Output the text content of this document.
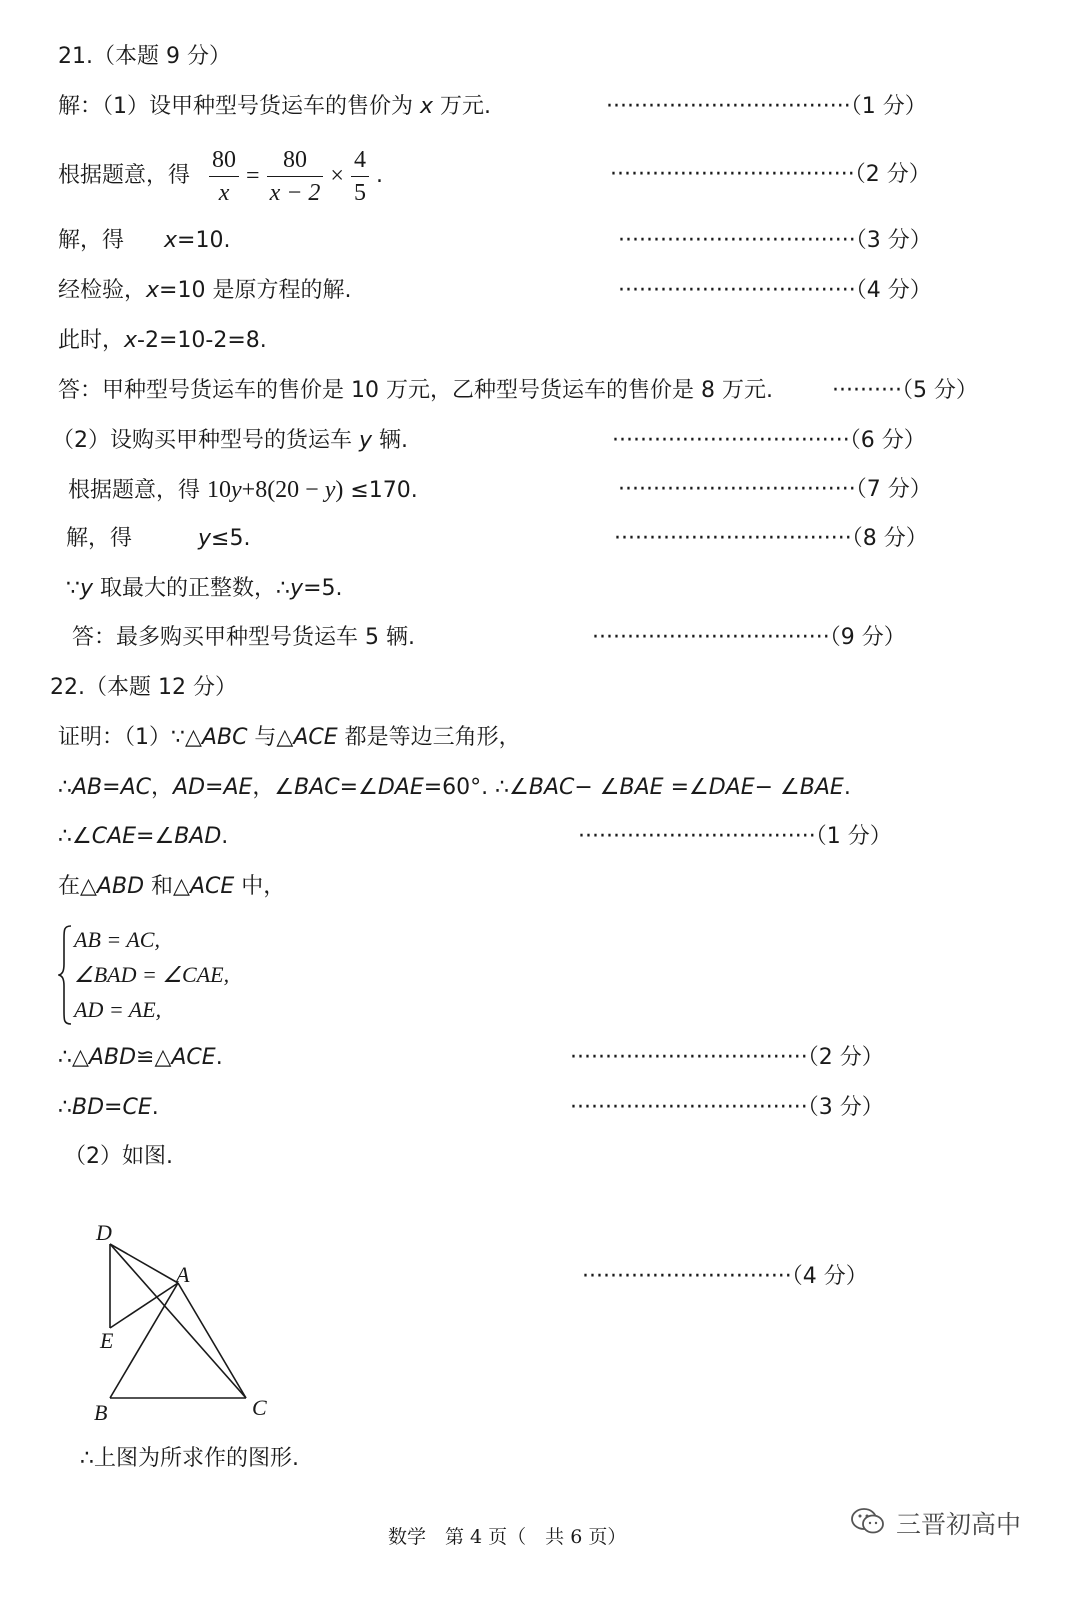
21.（本题 9 分）
解：（1）设甲种型号货运车的售价为 x 万元.	···································（1 分）
根据题意，得 $\frac{80}{x} = \frac{80}{x - 2} \times \frac{4}{5}$ .	···································（2 分）
解，得 x=10.	··································（3 分）
经检验，x=10 是原方程的解.	··································（4 分）
此时，x-2=10-2=8.
答：甲种型号货运车的售价是 10 万元，乙种型号货运车的售价是 8 万元.	··········（5 分）
（2）设购买甲种型号的货运车 y 辆.	··································（6 分）
根据题意，得 10y+8(20 − y) ≤170.	··································（7 分）
解，得	y≤5.	··································（8 分）
∵y 取最大的正整数，∴y=5.
答：最多购买甲种型号货运车 5 辆.	··································（9 分）
22.（本题 12 分）
证明：（1）∵△ABC 与△ACE 都是等边三角形，
∴AB=AC，AD=AE，∠BAC=∠DAE=60°. ∴∠BAC− ∠BAE =∠DAE− ∠BAE.
∴∠CAE=∠BAD.	··································（1 分）
在△ABD 和△ACE 中，
AB = AC,
∠BAD = ∠CAE,
AD = AE,
∴△ABD≌△ACE.	··································（2 分）
∴BD=CE.	··································（3 分）
（2）如图.
D
A
E
B	C
······························（4 分）
∴上图为所求作的图形.
数学　第 4 页（　共 6 页）	三晋初高中
